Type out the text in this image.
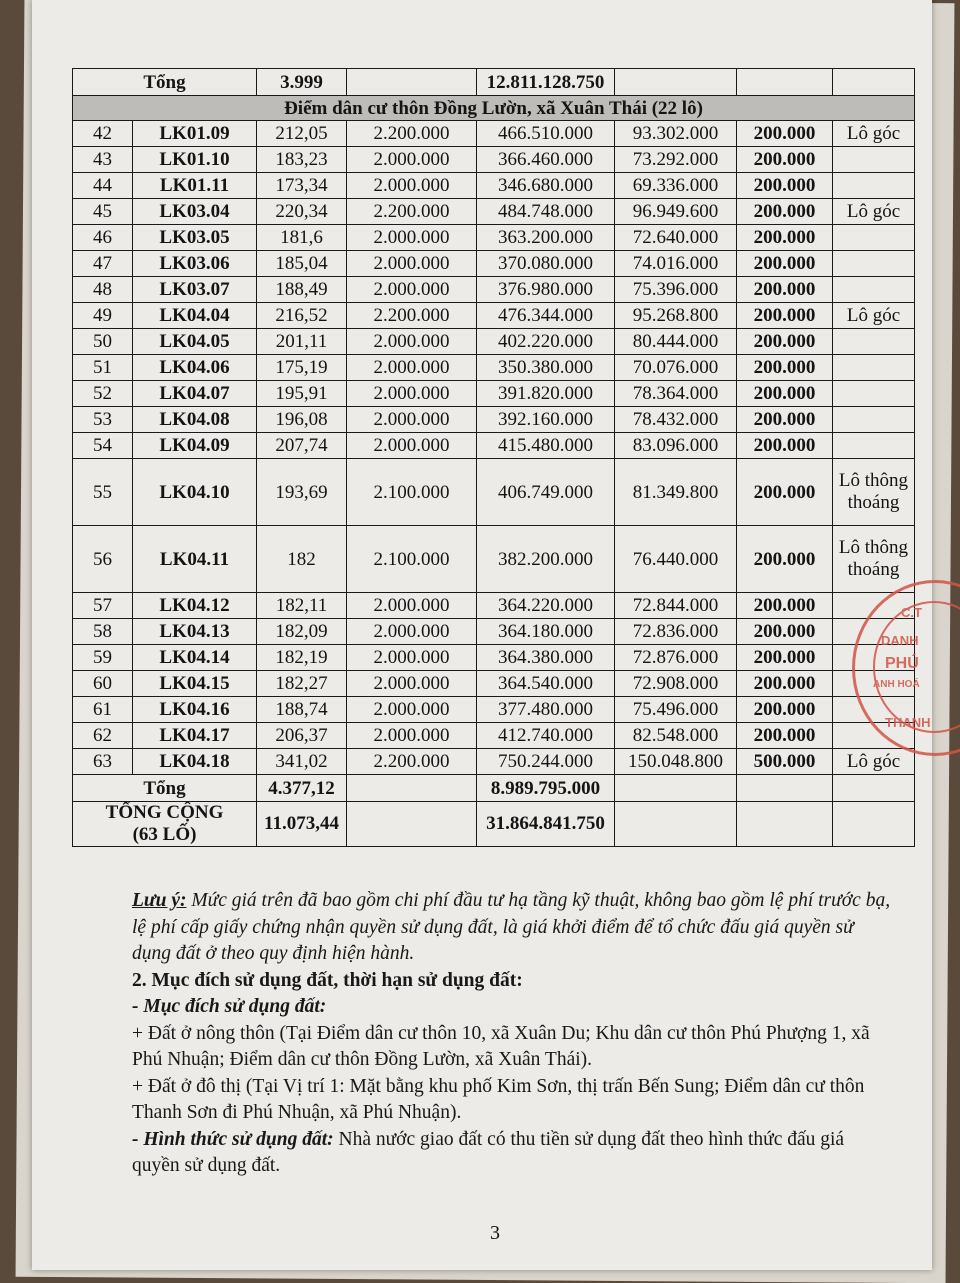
Tổng		3.999		12.811.128.750			
Điểm dân cư thôn Đồng Lườn, xã Xuân Thái (22 lô)							
42	LK01.09	212,05	2.200.000	466.510.000	93.302.000	200.000	Lô góc
43	LK01.10	183,23	2.000.000	366.460.000	73.292.000	200.000	
44	LK01.11	173,34	2.000.000	346.680.000	69.336.000	200.000	
45	LK03.04	220,34	2.200.000	484.748.000	96.949.600	200.000	Lô góc
46	LK03.05	181,6	2.000.000	363.200.000	72.640.000	200.000	
47	LK03.06	185,04	2.000.000	370.080.000	74.016.000	200.000	
48	LK03.07	188,49	2.000.000	376.980.000	75.396.000	200.000	
49	LK04.04	216,52	2.200.000	476.344.000	95.268.800	200.000	Lô góc
50	LK04.05	201,11	2.000.000	402.220.000	80.444.000	200.000	
51	LK04.06	175,19	2.000.000	350.380.000	70.076.000	200.000	
52	LK04.07	195,91	2.000.000	391.820.000	78.364.000	200.000	
53	LK04.08	196,08	2.000.000	392.160.000	78.432.000	200.000	
54	LK04.09	207,74	2.000.000	415.480.000	83.096.000	200.000	
55	LK04.10	193,69	2.100.000	406.749.000	81.349.800	200.000	Lô thông thoáng
56	LK04.11	182	2.100.000	382.200.000	76.440.000	200.000	Lô thông thoáng
57	LK04.12	182,11	2.000.000	364.220.000	72.844.000	200.000	
58	LK04.13	182,09	2.000.000	364.180.000	72.836.000	200.000	
59	LK04.14	182,19	2.000.000	364.380.000	72.876.000	200.000	
60	LK04.15	182,27	2.000.000	364.540.000	72.908.000	200.000	
61	LK04.16	188,74	2.000.000	377.480.000	75.496.000	200.000	
62	LK04.17	206,37	2.000.000	412.740.000	82.548.000	200.000	
63	LK04.18	341,02	2.200.000	750.244.000	150.048.800	500.000	Lô góc
Tổng		4.377,12		8.989.795.000			

TỔNG CỘNG
(63 LỐ)		11.073,44		31.864.841.750			

Lưu ý: Mức giá trên đã bao gồm chi phí đầu tư hạ tầng kỹ thuật, không bao gồm lệ phí trước bạ, lệ phí cấp giấy chứng nhận quyền sử dụng đất, là giá khởi điểm để tổ chức đấu giá quyền sử dụng đất ở theo quy định hiện hành.

2. Mục đích sử dụng đất, thời hạn sử dụng đất:

- Mục đích sử dụng đất:

+ Đất ở nông thôn (Tại Điểm dân cư thôn 10, xã Xuân Du; Khu dân cư thôn Phú Phượng 1, xã Phú Nhuận; Điểm dân cư thôn Đồng Lườn, xã Xuân Thái).

+ Đất ở đô thị (Tại Vị trí 1: Mặt bằng khu phố Kim Sơn, thị trấn Bến Sung; Điểm dân cư thôn Thanh Sơn đi Phú Nhuận, xã Phú Nhuận).

- Hình thức sử dụng đất: Nhà nước giao đất có thu tiền sử dụng đất theo hình thức đấu giá quyền sử dụng đất.

3
C.T
DANH
PHÚ
ANH HOÁ
THANH
